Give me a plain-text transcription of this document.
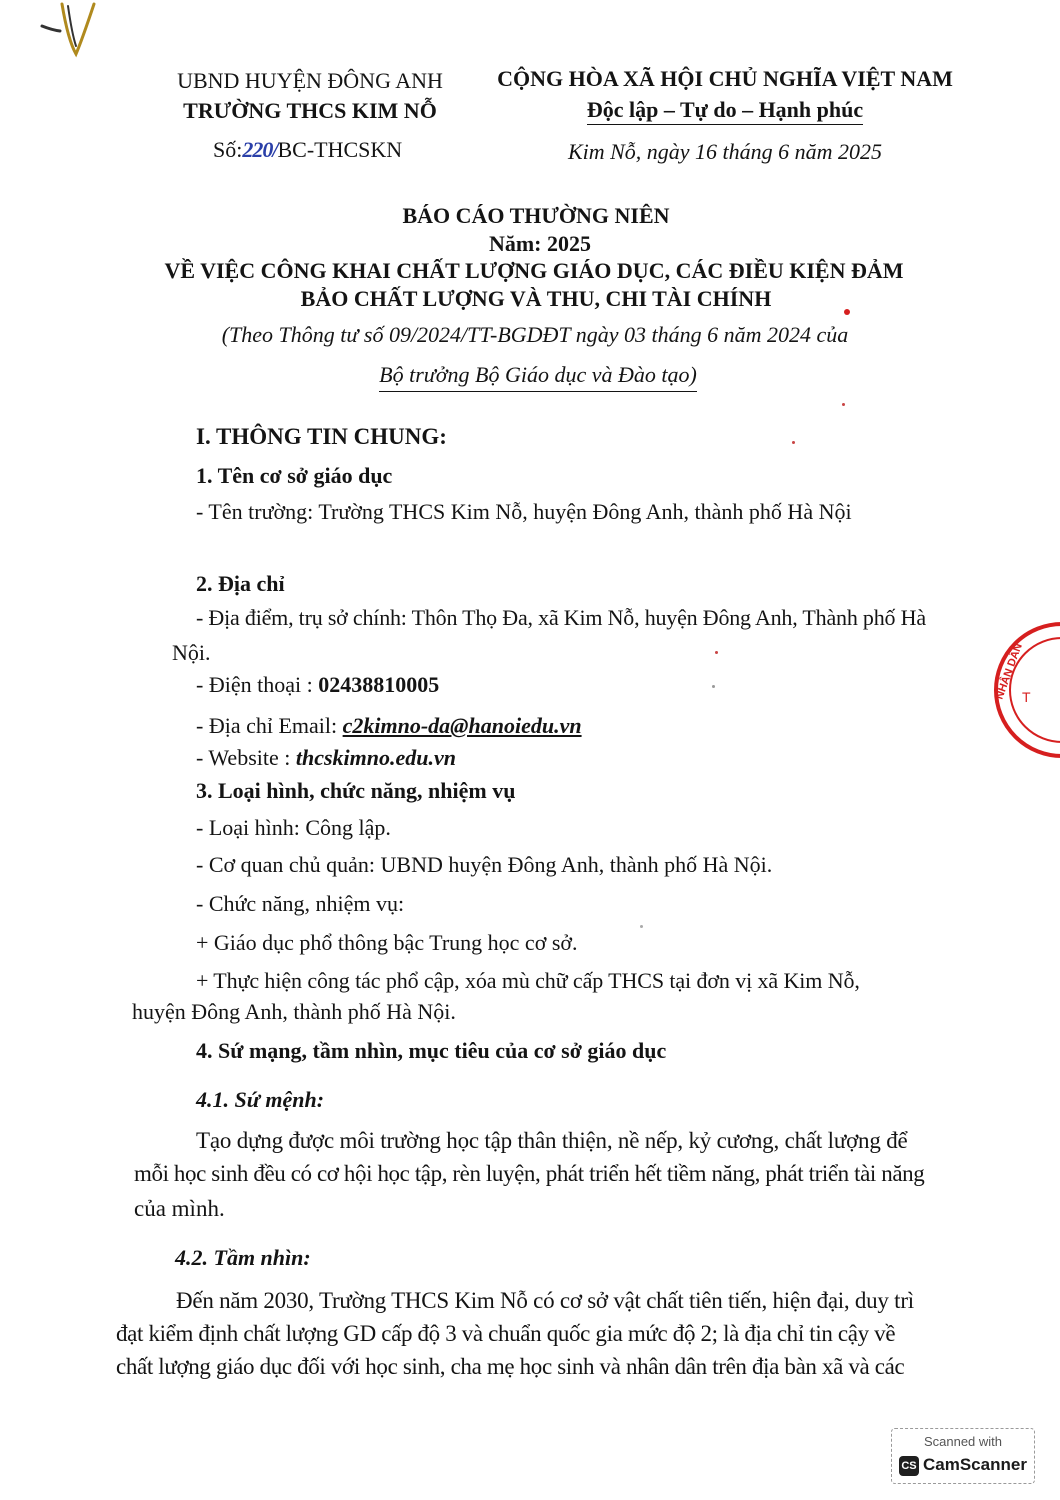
UBND HUYỆN ĐÔNG ANH
TRƯỜNG THCS KIM NỖ
Số:220/BC-THCSKN
CỘNG HÒA XÃ HỘI CHỦ NGHĨA VIỆT NAM
Độc lập – Tự do – Hạnh phúc
Kim Nỗ, ngày 16 tháng 6 năm 2025
BÁO CÁO THƯỜNG NIÊN
Năm: 2025
VỀ VIỆC CÔNG KHAI CHẤT LƯỢNG GIÁO DỤC, CÁC ĐIỀU KIỆN ĐẢM
BẢO CHẤT LƯỢNG VÀ THU, CHI TÀI CHÍNH
(Theo Thông tư số 09/2024/TT-BGDĐT ngày 03 tháng 6 năm 2024 của
Bộ trưởng Bộ Giáo dục và Đào tạo)
I. THÔNG TIN CHUNG:
1. Tên cơ sở giáo dục
- Tên trường: Trường THCS Kim Nỗ, huyện Đông Anh, thành phố Hà Nội
2. Địa chỉ
- Địa điểm, trụ sở chính: Thôn Thọ Đa, xã Kim Nỗ, huyện Đông Anh, Thành phố Hà
Nội.
- Điện thoại : 02438810005
- Địa chỉ Email: c2kimno-da@hanoiedu.vn
- Website : thcskimno.edu.vn
3. Loại hình, chức năng, nhiệm vụ
- Loại hình: Công lập.
- Cơ quan chủ quản: UBND huyện Đông Anh, thành phố Hà Nội.
- Chức năng, nhiệm vụ:
+ Giáo dục phổ thông bậc Trung học cơ sở.
+ Thực hiện công tác phổ cập, xóa mù chữ cấp THCS tại đơn vị xã Kim Nỗ,
huyện Đông Anh, thành phố Hà Nội.
4. Sứ mạng, tầm nhìn, mục tiêu của cơ sở giáo dục
4.1. Sứ mệnh:
Tạo dựng được môi trường học tập thân thiện, nề nếp, kỷ cương, chất lượng để
mỗi học sinh đều có cơ hội học tập, rèn luyện, phát triển hết tiềm năng, phát triển tài năng
của mình.
4.2. Tầm nhìn:
Đến năm 2030, Trường THCS Kim Nỗ có cơ sở vật chất tiên tiến, hiện đại, duy trì
đạt kiểm định chất lượng GD cấp độ 3 và chuẩn quốc gia mức độ 2; là địa chỉ tin cậy về
chất lượng giáo dục đối với học sinh, cha mẹ học sinh và nhân dân trên địa bàn xã và các
NHÂN DÂN
T
Scanned with
CS CamScanner
